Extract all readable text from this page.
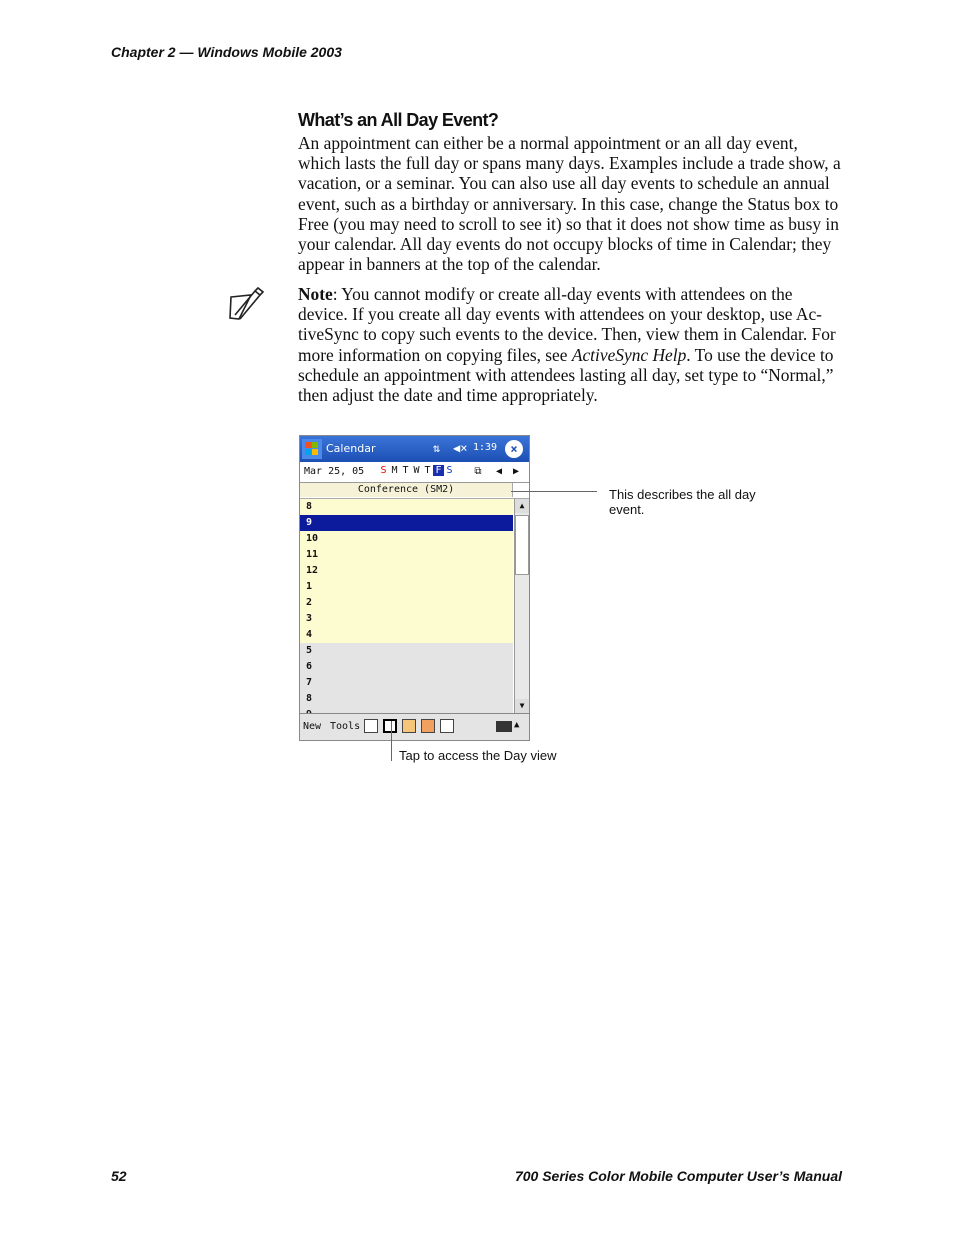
Chapter 2 — Windows Mobile 2003
What’s an All Day Event?
An appointment can either be a normal appointment or an all day event, which lasts the full day or spans many days. Examples include a trade show, a vacation, or a seminar. You can also use all day events to schedule an annual event, such as a birthday or anniversary. In this case, change the Status box to Free (you may need to scroll to see it) so that it does not show time as busy in your calendar. All day events do not occupy blocks of time in Calendar; they appear in banners at the top of the calendar.
Note: You cannot modify or create all-day events with attendees on the device. If you create all day events with attendees on your desktop, use Ac-tiveSync to copy such events to the device. Then, view them in Calendar. For more information on copying files, see ActiveSync Help. To use the device to schedule an appointment with attendees lasting all day, set type to “Normal,” then adjust the date and time appropriately.
Calendar	⇅ ◀× 1:39	×
Mar 25, 05 S M T W T F S	⧉	◀	▶
Conference (SM2)
8
9
10
11
12
1
2
3
4
5
6
7
8
▲
▼
New Tools	▲
This describes the all day event.
Tap to access the Day view
52	700 Series Color Mobile Computer User’s Manual
